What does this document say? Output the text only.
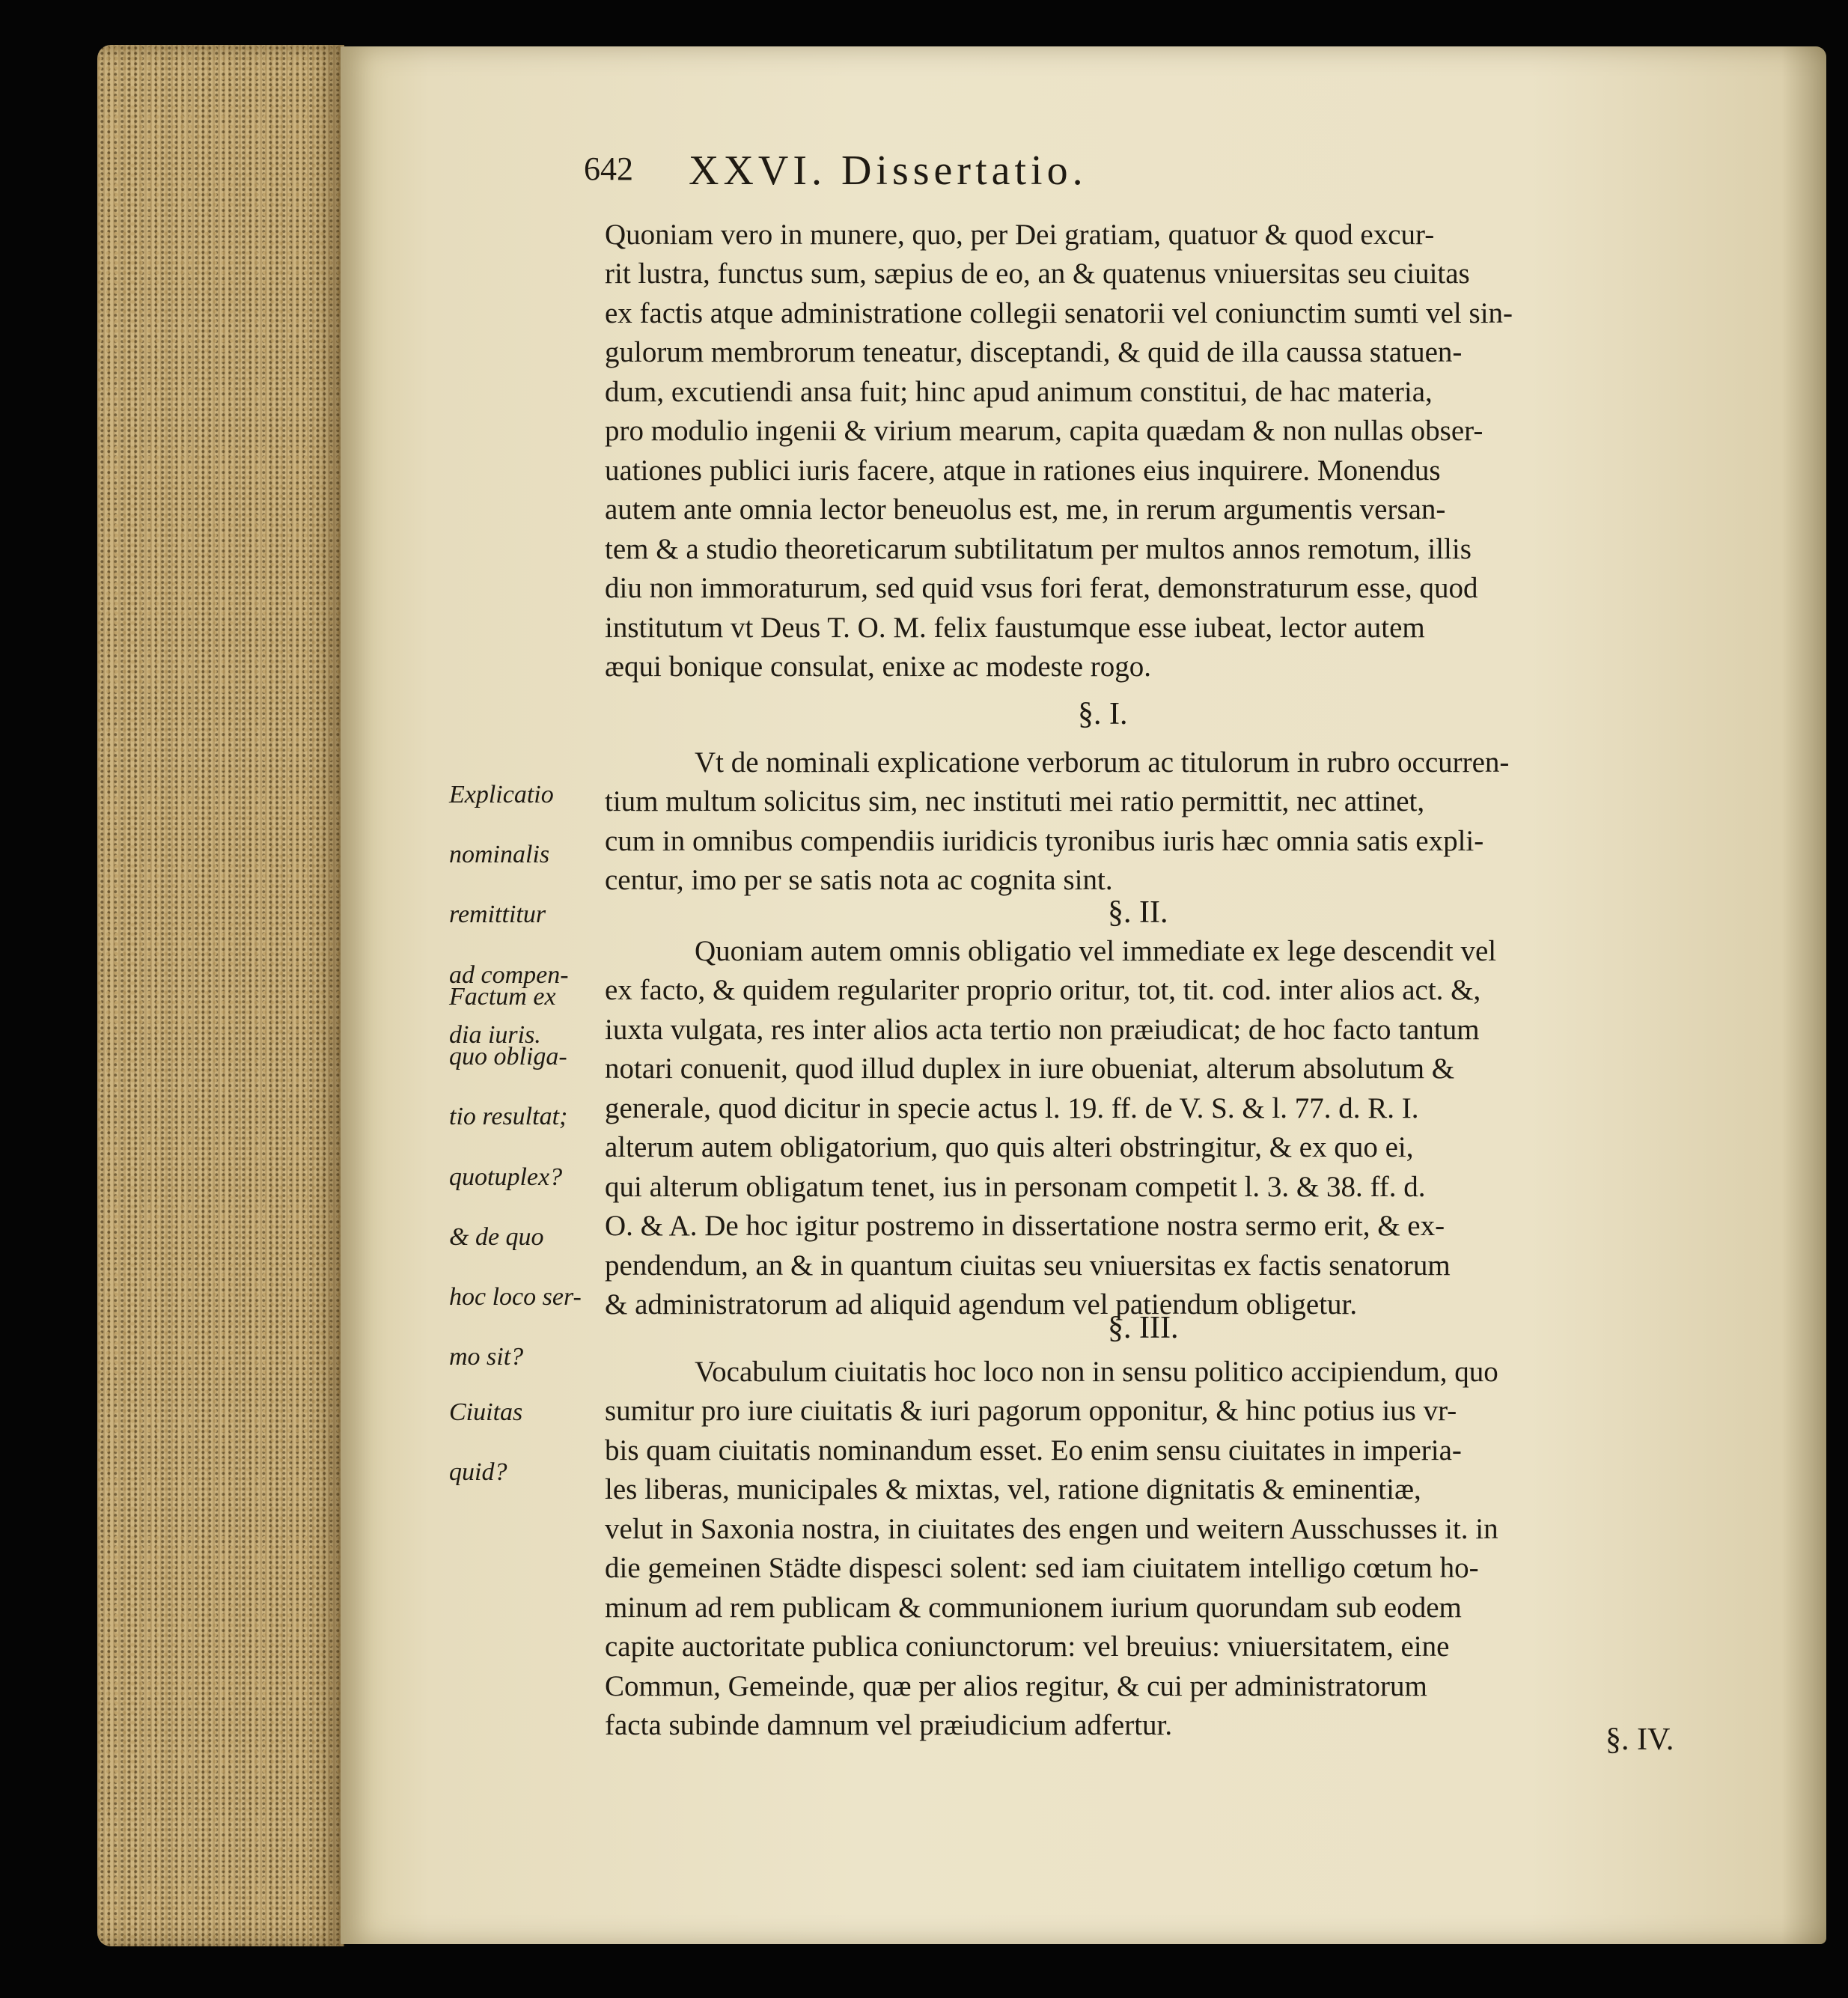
642 XXVI. Dissertatio.

Quoniam vero in munere, quo, per Dei gratiam, quatuor & quod excur-

rit lustra, functus sum, sæpius de eo, an & quatenus vniuersitas seu ciuitas

ex factis atque administratione collegii senatorii vel coniunctim sumti vel sin-

gulorum membrorum teneatur, disceptandi, & quid de illa caussa statuen-

dum, excutiendi ansa fuit; hinc apud animum constitui, de hac materia,

pro modulio ingenii & virium mearum, capita quædam & non nullas obser-

uationes publici iuris facere, atque in rationes eius inquirere. Monendus

autem ante omnia lector beneuolus est, me, in rerum argumentis versan-

tem & a studio theoreticarum subtilitatum per multos annos remotum, illis

diu non immoraturum, sed quid vsus fori ferat, demonstraturum esse, quod

institutum vt Deus T. O. M. felix faustumque esse iubeat, lector autem

æqui bonique consulat, enixe ac modeste rogo.

§. I.

Explicatio

nominalis

remittitur

ad compen-

dia iuris.

Vt de nominali explicatione verborum ac titulorum in rubro occurren-

tium multum solicitus sim, nec instituti mei ratio permittit, nec attinet,

cum in omnibus compendiis iuridicis tyronibus iuris hæc omnia satis expli-

centur, imo per se satis nota ac cognita sint.

§. II.

Factum ex

quo obliga-

tio resultat;

quotuplex?

& de quo

hoc loco ser-

mo sit?

Quoniam autem omnis obligatio vel immediate ex lege descendit vel

ex facto, & quidem regulariter proprio oritur, tot, tit. cod. inter alios act. &,

iuxta vulgata, res inter alios acta tertio non præiudicat; de hoc facto tantum

notari conuenit, quod illud duplex in iure obueniat, alterum absolutum &

generale, quod dicitur in specie actus l. 19. ff. de V. S. & l. 77. d. R. I.

alterum autem obligatorium, quo quis alteri obstringitur, & ex quo ei,

qui alterum obligatum tenet, ius in personam competit l. 3. & 38. ff. d.

O. & A. De hoc igitur postremo in dissertatione nostra sermo erit, & ex-

pendendum, an & in quantum ciuitas seu vniuersitas ex factis senatorum

& administratorum ad aliquid agendum vel patiendum obligetur.

§. III.

Ciuitas

quid?

Vocabulum ciuitatis hoc loco non in sensu politico accipiendum, quo

sumitur pro iure ciuitatis & iuri pagorum opponitur, & hinc potius ius vr-

bis quam ciuitatis nominandum esset. Eo enim sensu ciuitates in imperia-

les liberas, municipales & mixtas, vel, ratione dignitatis & eminentiæ,

velut in Saxonia nostra, in ciuitates des engen und weitern Ausschusses it. in

die gemeinen Städte dispesci solent: sed iam ciuitatem intelligo cœtum ho-

minum ad rem publicam & communionem iurium quorundam sub eodem

capite auctoritate publica coniunctorum: vel breuius: vniuersitatem, eine

Commun, Gemeinde, quæ per alios regitur, & cui per administratorum

facta subinde damnum vel præiudicium adfertur.	§. IV.
